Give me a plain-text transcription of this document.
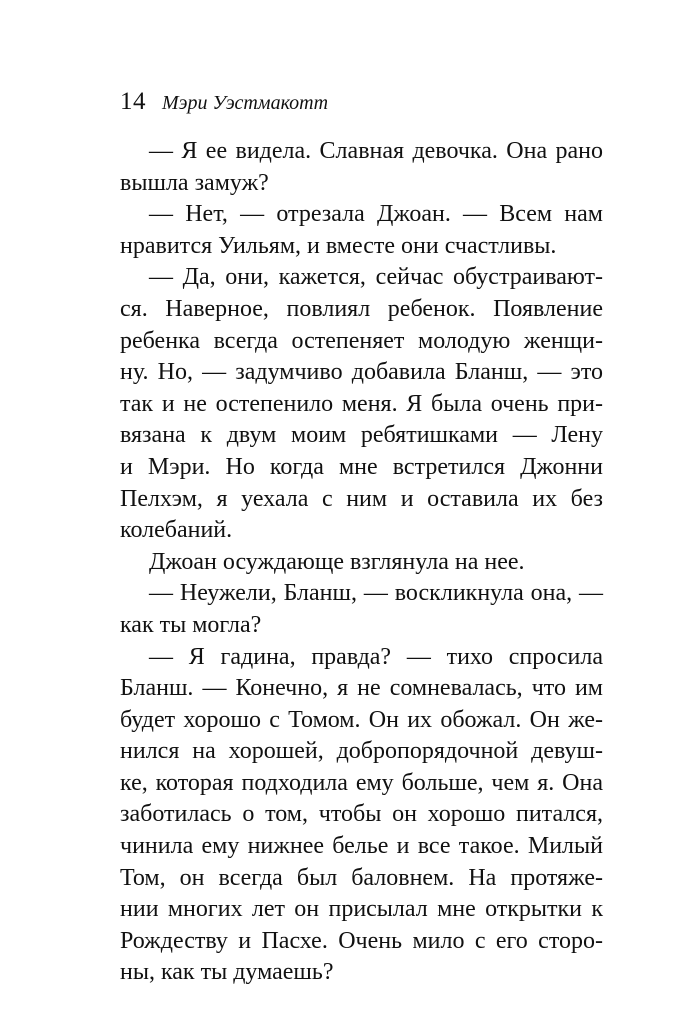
14 Мэри Уэстмакотт
— Я ее видела. Славная девочка. Она рано
вышла замуж?
— Нет, — отрезала Джоан. — Всем нам
нравится Уильям, и вместе они счастливы.
— Да, они, кажется, сейчас обустраивают-
ся. Наверное, повлиял ребенок. Появление
ребенка всегда остепеняет молодую женщи-
ну. Но, — задумчиво добавила Бланш, — это
так и не остепенило меня. Я была очень при-
вязана к двум моим ребятишками — Лену
и Мэри. Но когда мне встретился Джонни
Пелхэм, я уехала с ним и оставила их без
колебаний.
Джоан осуждающе взглянула на нее.
— Неужели, Бланш, — воскликнула она, —
как ты могла?
— Я гадина, правда? — тихо спросила
Бланш. — Конечно, я не сомневалась, что им
будет хорошо с Томом. Он их обожал. Он же-
нился на хорошей, добропорядочной девуш-
ке, которая подходила ему больше, чем я. Она
заботилась о том, чтобы он хорошо питался,
чинила ему нижнее белье и все такое. Милый
Том, он всегда был баловнем. На протяже-
нии многих лет он присылал мне открытки к
Рождеству и Пасхе. Очень мило с его сторо-
ны, как ты думаешь?
